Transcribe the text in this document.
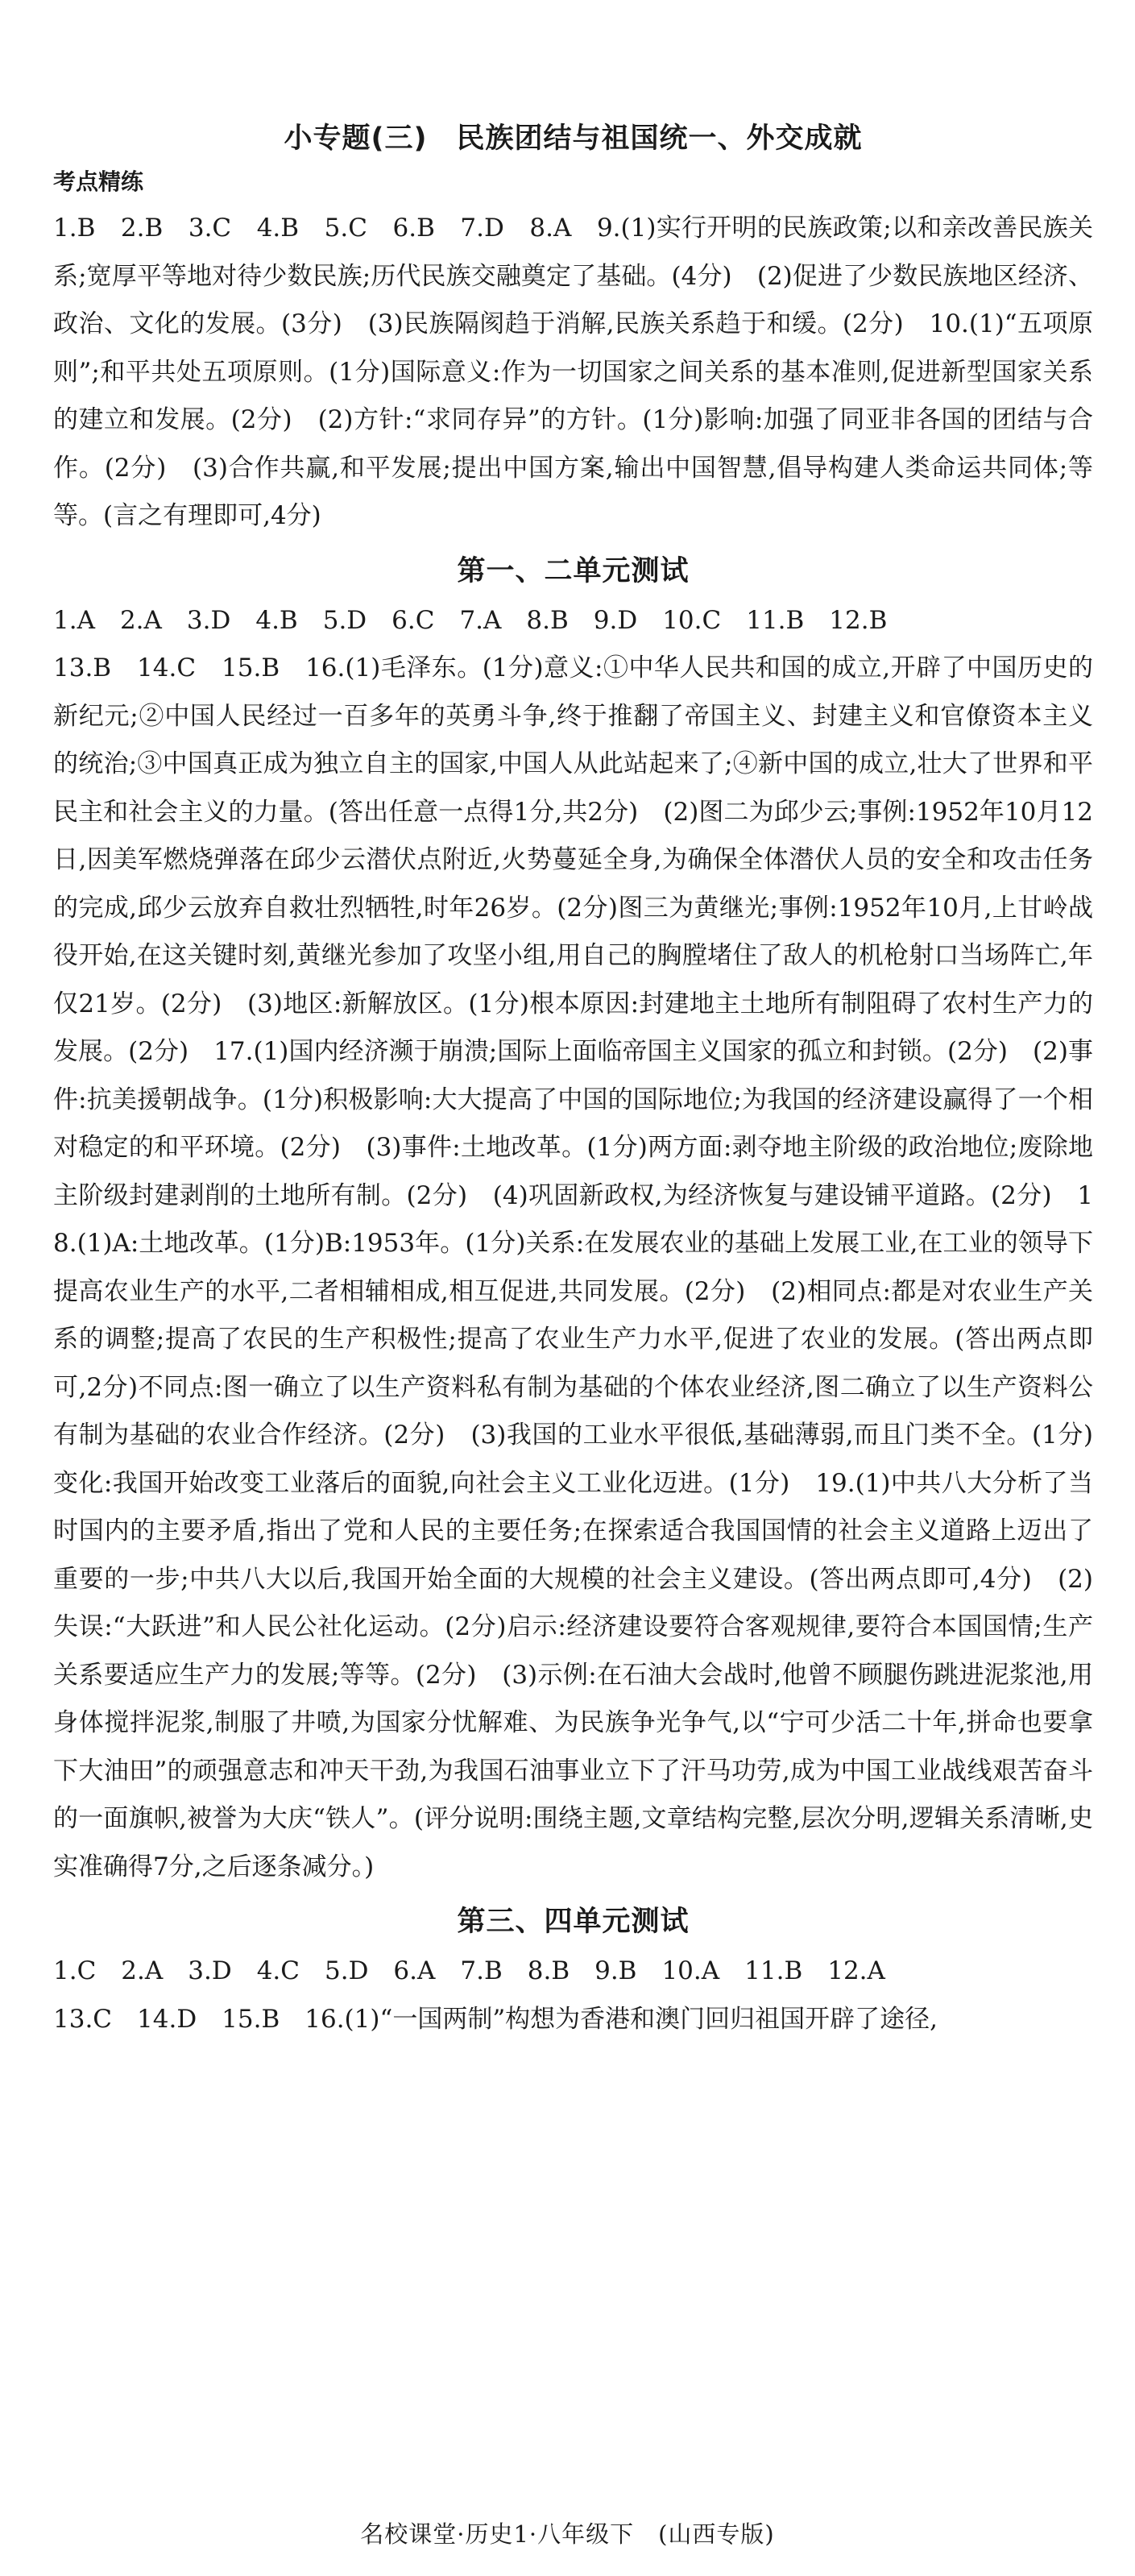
小专题(三)　民族团结与祖国统一、外交成就
考点精练

1.B　2.B　3.C　4.B　5.C　6.B　7.D　8.A　9.(1)实行开明的民族政策;以和亲改善民族关系;宽厚平等地对待少数民族;历代民族交融奠定了基础。(4分)　(2)促进了少数民族地区经济、政治、文化的发展。(3分)　(3)民族隔阂趋于消解,民族关系趋于和缓。(2分)　10.(1)“五项原则”;和平共处五项原则。(1分)国际意义:作为一切国家之间关系的基本准则,促进新型国家关系的建立和发展。(2分)　(2)方针:“求同存异”的方针。(1分)影响:加强了同亚非各国的团结与合作。(2分)　(3)合作共赢,和平发展;提出中国方案,输出中国智慧,倡导构建人类命运共同体;等等。(言之有理即可,4分)

第一、二单元测试

1.A　2.A　3.D　4.B　5.D　6.C　7.A　8.B　9.D　10.C　11.B　12.B

13.B　14.C　15.B　16.(1)毛泽东。(1分)意义:①中华人民共和国的成立,开辟了中国历史的新纪元;②中国人民经过一百多年的英勇斗争,终于推翻了帝国主义、封建主义和官僚资本主义的统治;③中国真正成为独立自主的国家,中国人从此站起来了;④新中国的成立,壮大了世界和平民主和社会主义的力量。(答出任意一点得1分,共2分)　(2)图二为邱少云;事例:1952年10月12日,因美军燃烧弹落在邱少云潜伏点附近,火势蔓延全身,为确保全体潜伏人员的安全和攻击任务的完成,邱少云放弃自救壮烈牺牲,时年26岁。(2分)图三为黄继光;事例:1952年10月,上甘岭战役开始,在这关键时刻,黄继光参加了攻坚小组,用自己的胸膛堵住了敌人的机枪射口当场阵亡,年仅21岁。(2分)　(3)地区:新解放区。(1分)根本原因:封建地主土地所有制阻碍了农村生产力的发展。(2分)　17.(1)国内经济濒于崩溃;国际上面临帝国主义国家的孤立和封锁。(2分)　(2)事件:抗美援朝战争。(1分)积极影响:大大提高了中国的国际地位;为我国的经济建设赢得了一个相对稳定的和平环境。(2分)　(3)事件:土地改革。(1分)两方面:剥夺地主阶级的政治地位;废除地主阶级封建剥削的土地所有制。(2分)　(4)巩固新政权,为经济恢复与建设铺平道路。(2分)　18.(1)A:土地改革。(1分)B:1953年。(1分)关系:在发展农业的基础上发展工业,在工业的领导下提高农业生产的水平,二者相辅相成,相互促进,共同发展。(2分)　(2)相同点:都是对农业生产关系的调整;提高了农民的生产积极性;提高了农业生产力水平,促进了农业的发展。(答出两点即可,2分)不同点:图一确立了以生产资料私有制为基础的个体农业经济,图二确立了以生产资料公有制为基础的农业合作经济。(2分)　(3)我国的工业水平很低,基础薄弱,而且门类不全。(1分)变化:我国开始改变工业落后的面貌,向社会主义工业化迈进。(1分)　19.(1)中共八大分析了当时国内的主要矛盾,指出了党和人民的主要任务;在探索适合我国国情的社会主义道路上迈出了重要的一步;中共八大以后,我国开始全面的大规模的社会主义建设。(答出两点即可,4分)　(2)失误:“大跃进”和人民公社化运动。(2分)启示:经济建设要符合客观规律,要符合本国国情;生产关系要适应生产力的发展;等等。(2分)　(3)示例:在石油大会战时,他曾不顾腿伤跳进泥浆池,用身体搅拌泥浆,制服了井喷,为国家分忧解难、为民族争光争气,以“宁可少活二十年,拼命也要拿下大油田”的顽强意志和冲天干劲,为我国石油事业立下了汗马功劳,成为中国工业战线艰苦奋斗的一面旗帜,被誉为大庆“铁人”。(评分说明:围绕主题,文章结构完整,层次分明,逻辑关系清晰,史实准确得7分,之后逐条减分。)

第三、四单元测试

1.C　2.A　3.D　4.C　5.D　6.A　7.B　8.B　9.B　10.A　11.B　12.A

13.C　14.D　15.B　16.(1)“一国两制”构想为香港和澳门回归祖国开辟了途径,

名校课堂·历史1·八年级下　(山西专版)
